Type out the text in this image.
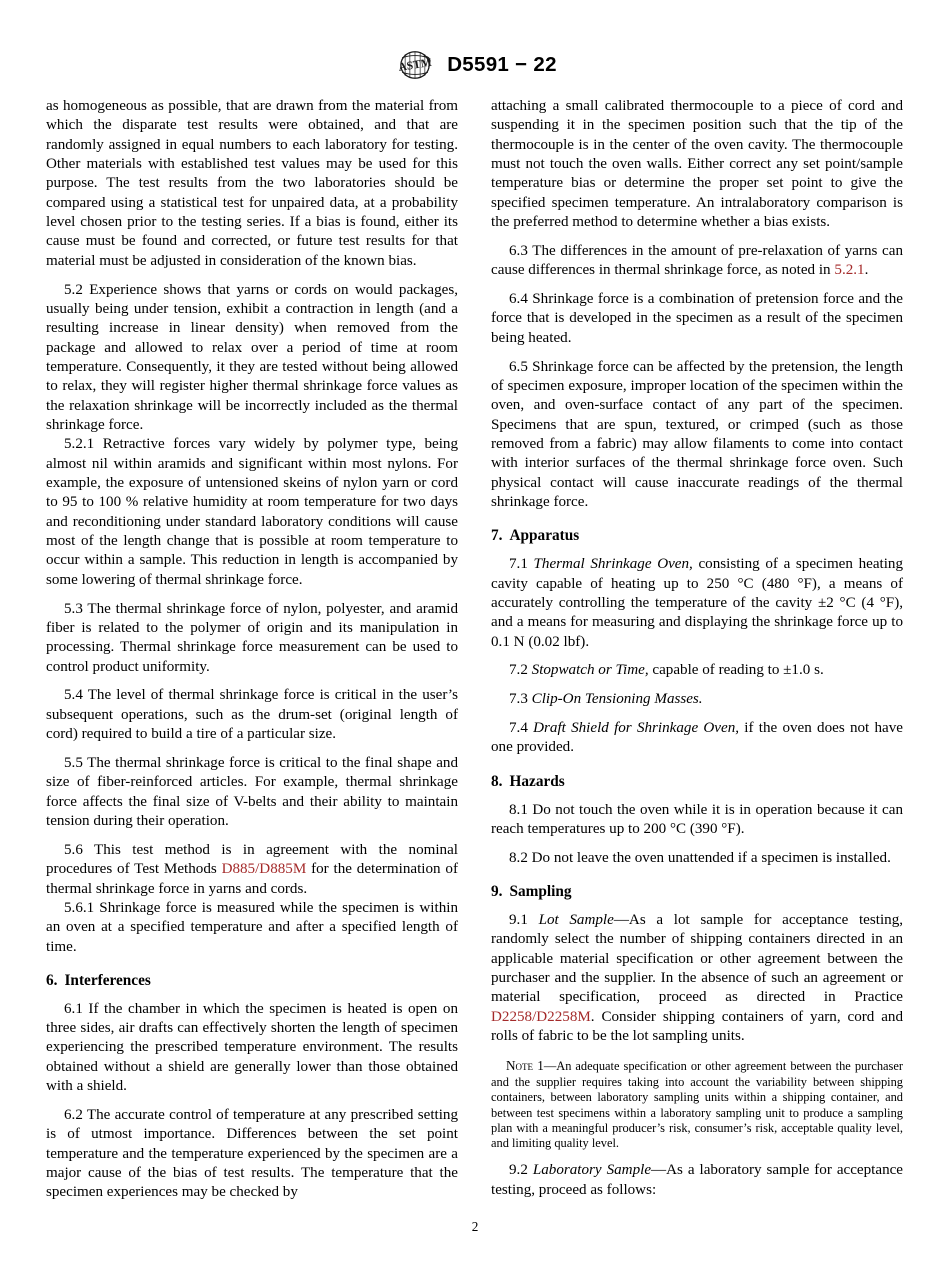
ASTM D5591 − 22

as homogeneous as possible, that are drawn from the material from which the disparate test results were obtained, and that are randomly assigned in equal numbers to each laboratory for testing. Other materials with established test values may be used for this purpose. The test results from the two laboratories should be compared using a statistical test for unpaired data, at a probability level chosen prior to the testing series. If a bias is found, either its cause must be found and corrected, or future test results for that material must be adjusted in consideration of the known bias.

5.2 Experience shows that yarns or cords on would packages, usually being under tension, exhibit a contraction in length (and a resulting increase in linear density) when removed from the package and allowed to relax over a period of time at room temperature. Consequently, it they are tested without being allowed to relax, they will register higher thermal shrinkage force values as the relaxation shrinkage will be incorrectly included as the thermal shrinkage force.

5.2.1 Retractive forces vary widely by polymer type, being almost nil within aramids and significant within most nylons. For example, the exposure of untensioned skeins of nylon yarn or cord to 95 to 100 % relative humidity at room temperature for two days and reconditioning under standard laboratory conditions will cause most of the length change that is possible at room temperature to occur within a sample. This reduction in length is accompanied by some lowering of thermal shrinkage force.

5.3 The thermal shrinkage force of nylon, polyester, and aramid fiber is related to the polymer of origin and its manipulation in processing. Thermal shrinkage force measurement can be used to control product uniformity.

5.4 The level of thermal shrinkage force is critical in the user’s subsequent operations, such as the drum-set (original length of cord) required to build a tire of a particular size.

5.5 The thermal shrinkage force is critical to the final shape and size of fiber-reinforced articles. For example, thermal shrinkage force affects the final size of V-belts and their ability to maintain tension during their operation.

5.6 This test method is in agreement with the nominal procedures of Test Methods D885/D885M for the determination of thermal shrinkage force in yarns and cords.

5.6.1 Shrinkage force is measured while the specimen is within an oven at a specified temperature and after a specified length of time.

6. Interferences

6.1 If the chamber in which the specimen is heated is open on three sides, air drafts can effectively shorten the length of specimen experiencing the prescribed temperature environment. The results obtained without a shield are generally lower than those obtained with a shield.

6.2 The accurate control of temperature at any prescribed setting is of utmost importance. Differences between the set point temperature and the temperature experienced by the specimen are a major cause of the bias of test results. The temperature that the specimen experiences may be checked by

attaching a small calibrated thermocouple to a piece of cord and suspending it in the specimen position such that the tip of the thermocouple is in the center of the oven cavity. The thermocouple must not touch the oven walls. Either correct any set point/sample temperature bias or determine the proper set point to give the specified specimen temperature. An intralaboratory comparison is the preferred method to determine whether a bias exists.

6.3 The differences in the amount of pre-relaxation of yarns can cause differences in thermal shrinkage force, as noted in 5.2.1.

6.4 Shrinkage force is a combination of pretension force and the force that is developed in the specimen as a result of the specimen being heated.

6.5 Shrinkage force can be affected by the pretension, the length of specimen exposure, improper location of the specimen within the oven, and oven-surface contact of any part of the specimen. Specimens that are spun, textured, or crimped (such as those removed from a fabric) may allow filaments to come into contact with interior surfaces of the thermal shrinkage force oven. Such physical contact will cause inaccurate readings of the thermal shrinkage force.

7. Apparatus

7.1 Thermal Shrinkage Oven, consisting of a specimen heating cavity capable of heating up to 250 °C (480 °F), a means of accurately controlling the temperature of the cavity ±2 °C (4 °F), and a means for measuring and displaying the shrinkage force up to 0.1 N (0.02 lbf).

7.2 Stopwatch or Time, capable of reading to ±1.0 s.

7.3 Clip-On Tensioning Masses.

7.4 Draft Shield for Shrinkage Oven, if the oven does not have one provided.

8. Hazards

8.1 Do not touch the oven while it is in operation because it can reach temperatures up to 200 °C (390 °F).

8.2 Do not leave the oven unattended if a specimen is installed.

9. Sampling

9.1 Lot Sample—As a lot sample for acceptance testing, randomly select the number of shipping containers directed in an applicable material specification or other agreement between the purchaser and the supplier. In the absence of such an agreement or material specification, proceed as directed in Practice D2258/D2258M. Consider shipping containers of yarn, cord and rolls of fabric to be the lot sampling units.

Note 1—An adequate specification or other agreement between the purchaser and the supplier requires taking into account the variability between shipping containers, between laboratory sampling units within a shipping container, and between test specimens within a laboratory sampling unit to produce a sampling plan with a meaningful producer’s risk, consumer’s risk, acceptable quality level, and limiting quality level.

9.2 Laboratory Sample—As a laboratory sample for acceptance testing, proceed as follows:

2
